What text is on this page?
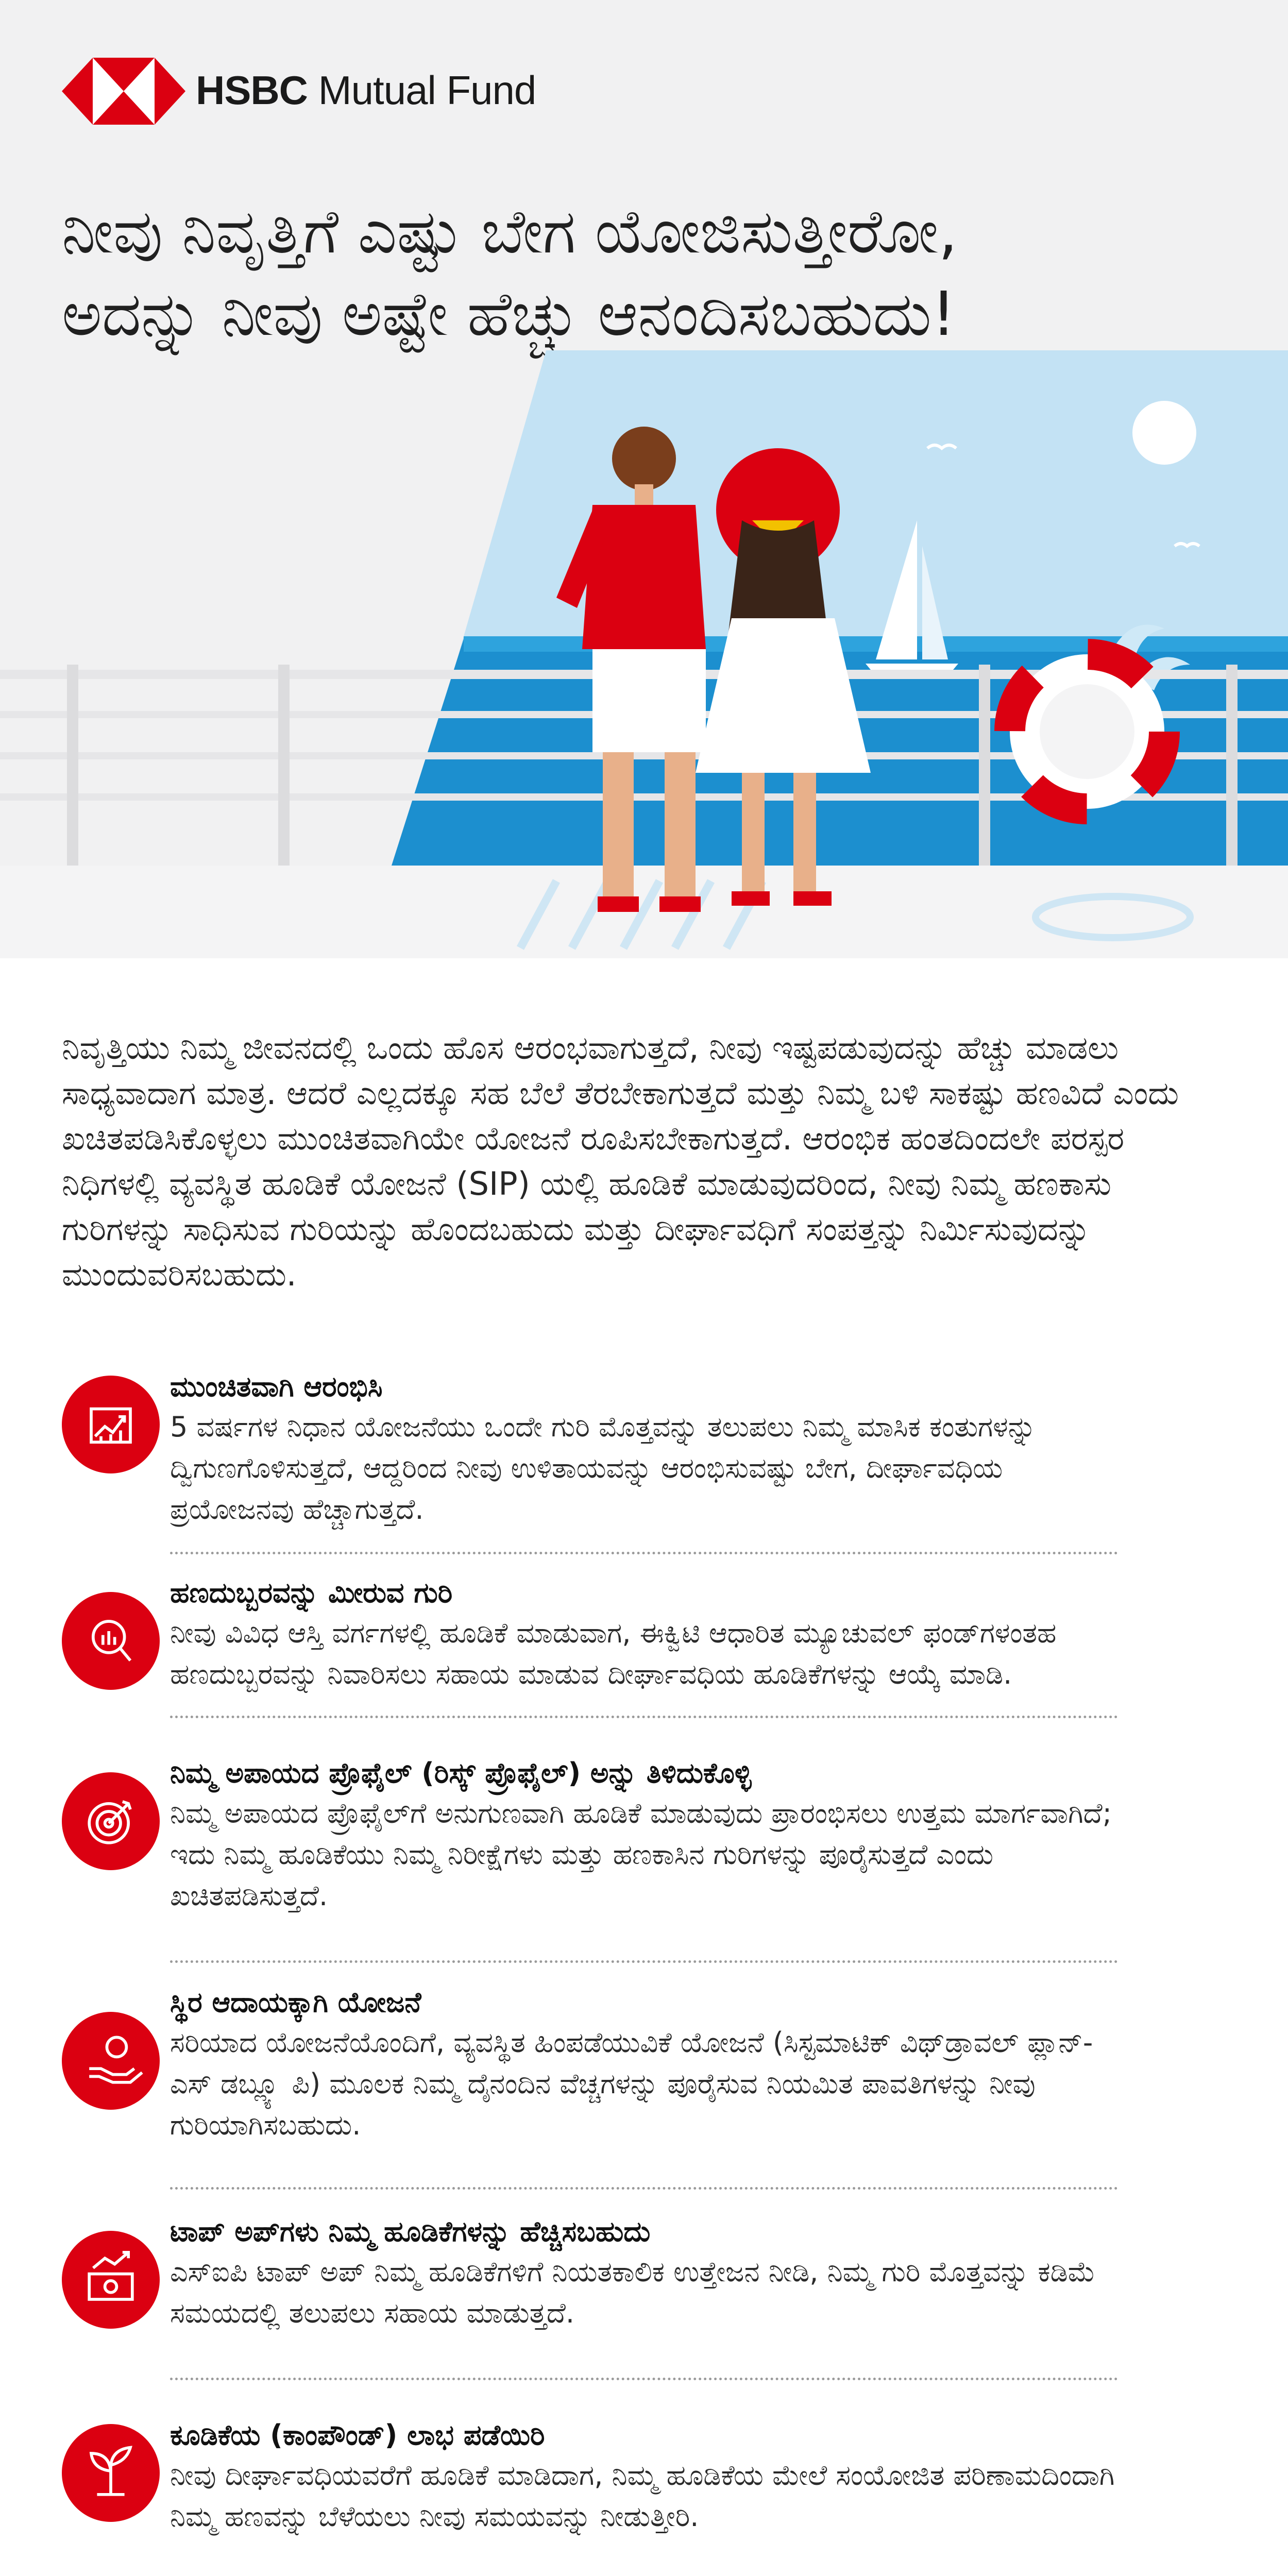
HSBC Mutual Fund
ನೀವು ನಿವೃತ್ತಿಗೆ ಎಷ್ಟು ಬೇಗ ಯೋಜಿಸುತ್ತೀರೋ,
ಅದನ್ನು ನೀವು ಅಷ್ಟೇ ಹೆಚ್ಚು ಆನಂದಿಸಬಹುದು!
ನಿವೃತ್ತಿಯು ನಿಮ್ಮ ಜೀವನದಲ್ಲಿ ಒಂದು ಹೊಸ ಆರಂಭವಾಗುತ್ತದೆ, ನೀವು ಇಷ್ಟಪಡುವುದನ್ನು ಹೆಚ್ಚು ಮಾಡಲು ಸಾಧ್ಯವಾದಾಗ ಮಾತ್ರ. ಆದರೆ ಎಲ್ಲದಕ್ಕೂ ಸಹ ಬೆಲೆ ತೆರಬೇಕಾಗುತ್ತದೆ ಮತ್ತು ನಿಮ್ಮ ಬಳಿ ಸಾಕಷ್ಟು ಹಣವಿದೆ ಎಂದು ಖಚಿತಪಡಿಸಿಕೊಳ್ಳಲು ಮುಂಚಿತವಾಗಿಯೇ ಯೋಜನೆ ರೂಪಿಸಬೇಕಾಗುತ್ತದೆ. ಆರಂಭಿಕ ಹಂತದಿಂದಲೇ ಪರಸ್ಪರ ನಿಧಿಗಳಲ್ಲಿ ವ್ಯವಸ್ಥಿತ ಹೂಡಿಕೆ ಯೋಜನೆ (SIP) ಯಲ್ಲಿ ಹೂಡಿಕೆ ಮಾಡುವುದರಿಂದ, ನೀವು ನಿಮ್ಮ ಹಣಕಾಸು ಗುರಿಗಳನ್ನು ಸಾಧಿಸುವ ಗುರಿಯನ್ನು ಹೊಂದಬಹುದು ಮತ್ತು ದೀರ್ಘಾವಧಿಗೆ ಸಂಪತ್ತನ್ನು ನಿರ್ಮಿಸುವುದನ್ನು ಮುಂದುವರಿಸಬಹುದು.
ಮುಂಚಿತವಾಗಿ ಆರಂಭಿಸಿ
5 ವರ್ಷಗಳ ನಿಧಾನ ಯೋಜನೆಯು ಒಂದೇ ಗುರಿ ಮೊತ್ತವನ್ನು ತಲುಪಲು ನಿಮ್ಮ ಮಾಸಿಕ ಕಂತುಗಳನ್ನು ದ್ವಿಗುಣಗೊಳಿಸುತ್ತದೆ, ಆದ್ದರಿಂದ ನೀವು ಉಳಿತಾಯವನ್ನು ಆರಂಭಿಸುವಷ್ಟು ಬೇಗ, ದೀರ್ಘಾವಧಿಯ ಪ್ರಯೋಜನವು ಹೆಚ್ಚಾಗುತ್ತದೆ.
ಹಣದುಬ್ಬರವನ್ನು ಮೀರುವ ಗುರಿ
ನೀವು ವಿವಿಧ ಆಸ್ತಿ ವರ್ಗಗಳಲ್ಲಿ ಹೂಡಿಕೆ ಮಾಡುವಾಗ, ಈಕ್ವಿಟಿ ಆಧಾರಿತ ಮ್ಯೂಚುವಲ್ ಫಂಡ್‌ಗಳಂತಹ ಹಣದುಬ್ಬರವನ್ನು ನಿವಾರಿಸಲು ಸಹಾಯ ಮಾಡುವ ದೀರ್ಘಾವಧಿಯ ಹೂಡಿಕೆಗಳನ್ನು ಆಯ್ಕೆ ಮಾಡಿ.
ನಿಮ್ಮ ಅಪಾಯದ ಪ್ರೊಫೈಲ್ (ರಿಸ್ಕ್ ಪ್ರೊಫೈಲ್) ಅನ್ನು ತಿಳಿದುಕೊಳ್ಳಿ
ನಿಮ್ಮ ಅಪಾಯದ ಪ್ರೊಫೈಲ್‌ಗೆ ಅನುಗುಣವಾಗಿ ಹೂಡಿಕೆ ಮಾಡುವುದು ಪ್ರಾರಂಭಿಸಲು ಉತ್ತಮ ಮಾರ್ಗವಾಗಿದೆ; ಇದು ನಿಮ್ಮ ಹೂಡಿಕೆಯು ನಿಮ್ಮ ನಿರೀಕ್ಷೆಗಳು ಮತ್ತು ಹಣಕಾಸಿನ ಗುರಿಗಳನ್ನು ಪೂರೈಸುತ್ತದೆ ಎಂದು ಖಚಿತಪಡಿಸುತ್ತದೆ.
ಸ್ಥಿರ ಆದಾಯಕ್ಕಾಗಿ ಯೋಜನೆ
ಸರಿಯಾದ ಯೋಜನೆಯೊಂದಿಗೆ, ವ್ಯವಸ್ಥಿತ ಹಿಂಪಡೆಯುವಿಕೆ ಯೋಜನೆ (ಸಿಸ್ಟಮಾಟಿಕ್ ವಿಥ್‌ಡ್ರಾವಲ್ ಪ್ಲಾನ್- ಎಸ್ ಡಬ್ಲ್ಯೂ ಪಿ) ಮೂಲಕ ನಿಮ್ಮ ದೈನಂದಿನ ವೆಚ್ಚಗಳನ್ನು ಪೂರೈಸುವ ನಿಯಮಿತ ಪಾವತಿಗಳನ್ನು ನೀವು ಗುರಿಯಾಗಿಸಬಹುದು.
ಟಾಪ್ ಅಪ್‌ಗಳು ನಿಮ್ಮ ಹೂಡಿಕೆಗಳನ್ನು ಹೆಚ್ಚಿಸಬಹುದು
ಎಸ್‌ಐಪಿ ಟಾಪ್ ಅಪ್ ನಿಮ್ಮ ಹೂಡಿಕೆಗಳಿಗೆ ನಿಯತಕಾಲಿಕ ಉತ್ತೇಜನ ನೀಡಿ, ನಿಮ್ಮ ಗುರಿ ಮೊತ್ತವನ್ನು ಕಡಿಮೆ ಸಮಯದಲ್ಲಿ ತಲುಪಲು ಸಹಾಯ ಮಾಡುತ್ತದೆ.
ಕೂಡಿಕೆಯ (ಕಾಂಪೌಂಡ್) ಲಾಭ ಪಡೆಯಿರಿ
ನೀವು ದೀರ್ಘಾವಧಿಯವರೆಗೆ ಹೂಡಿಕೆ ಮಾಡಿದಾಗ, ನಿಮ್ಮ ಹೂಡಿಕೆಯ ಮೇಲೆ ಸಂಯೋಜಿತ ಪರಿಣಾಮದಿಂದಾಗಿ ನಿಮ್ಮ ಹಣವನ್ನು ಬೆಳೆಯಲು ನೀವು ಸಮಯವನ್ನು ನೀಡುತ್ತೀರಿ.
